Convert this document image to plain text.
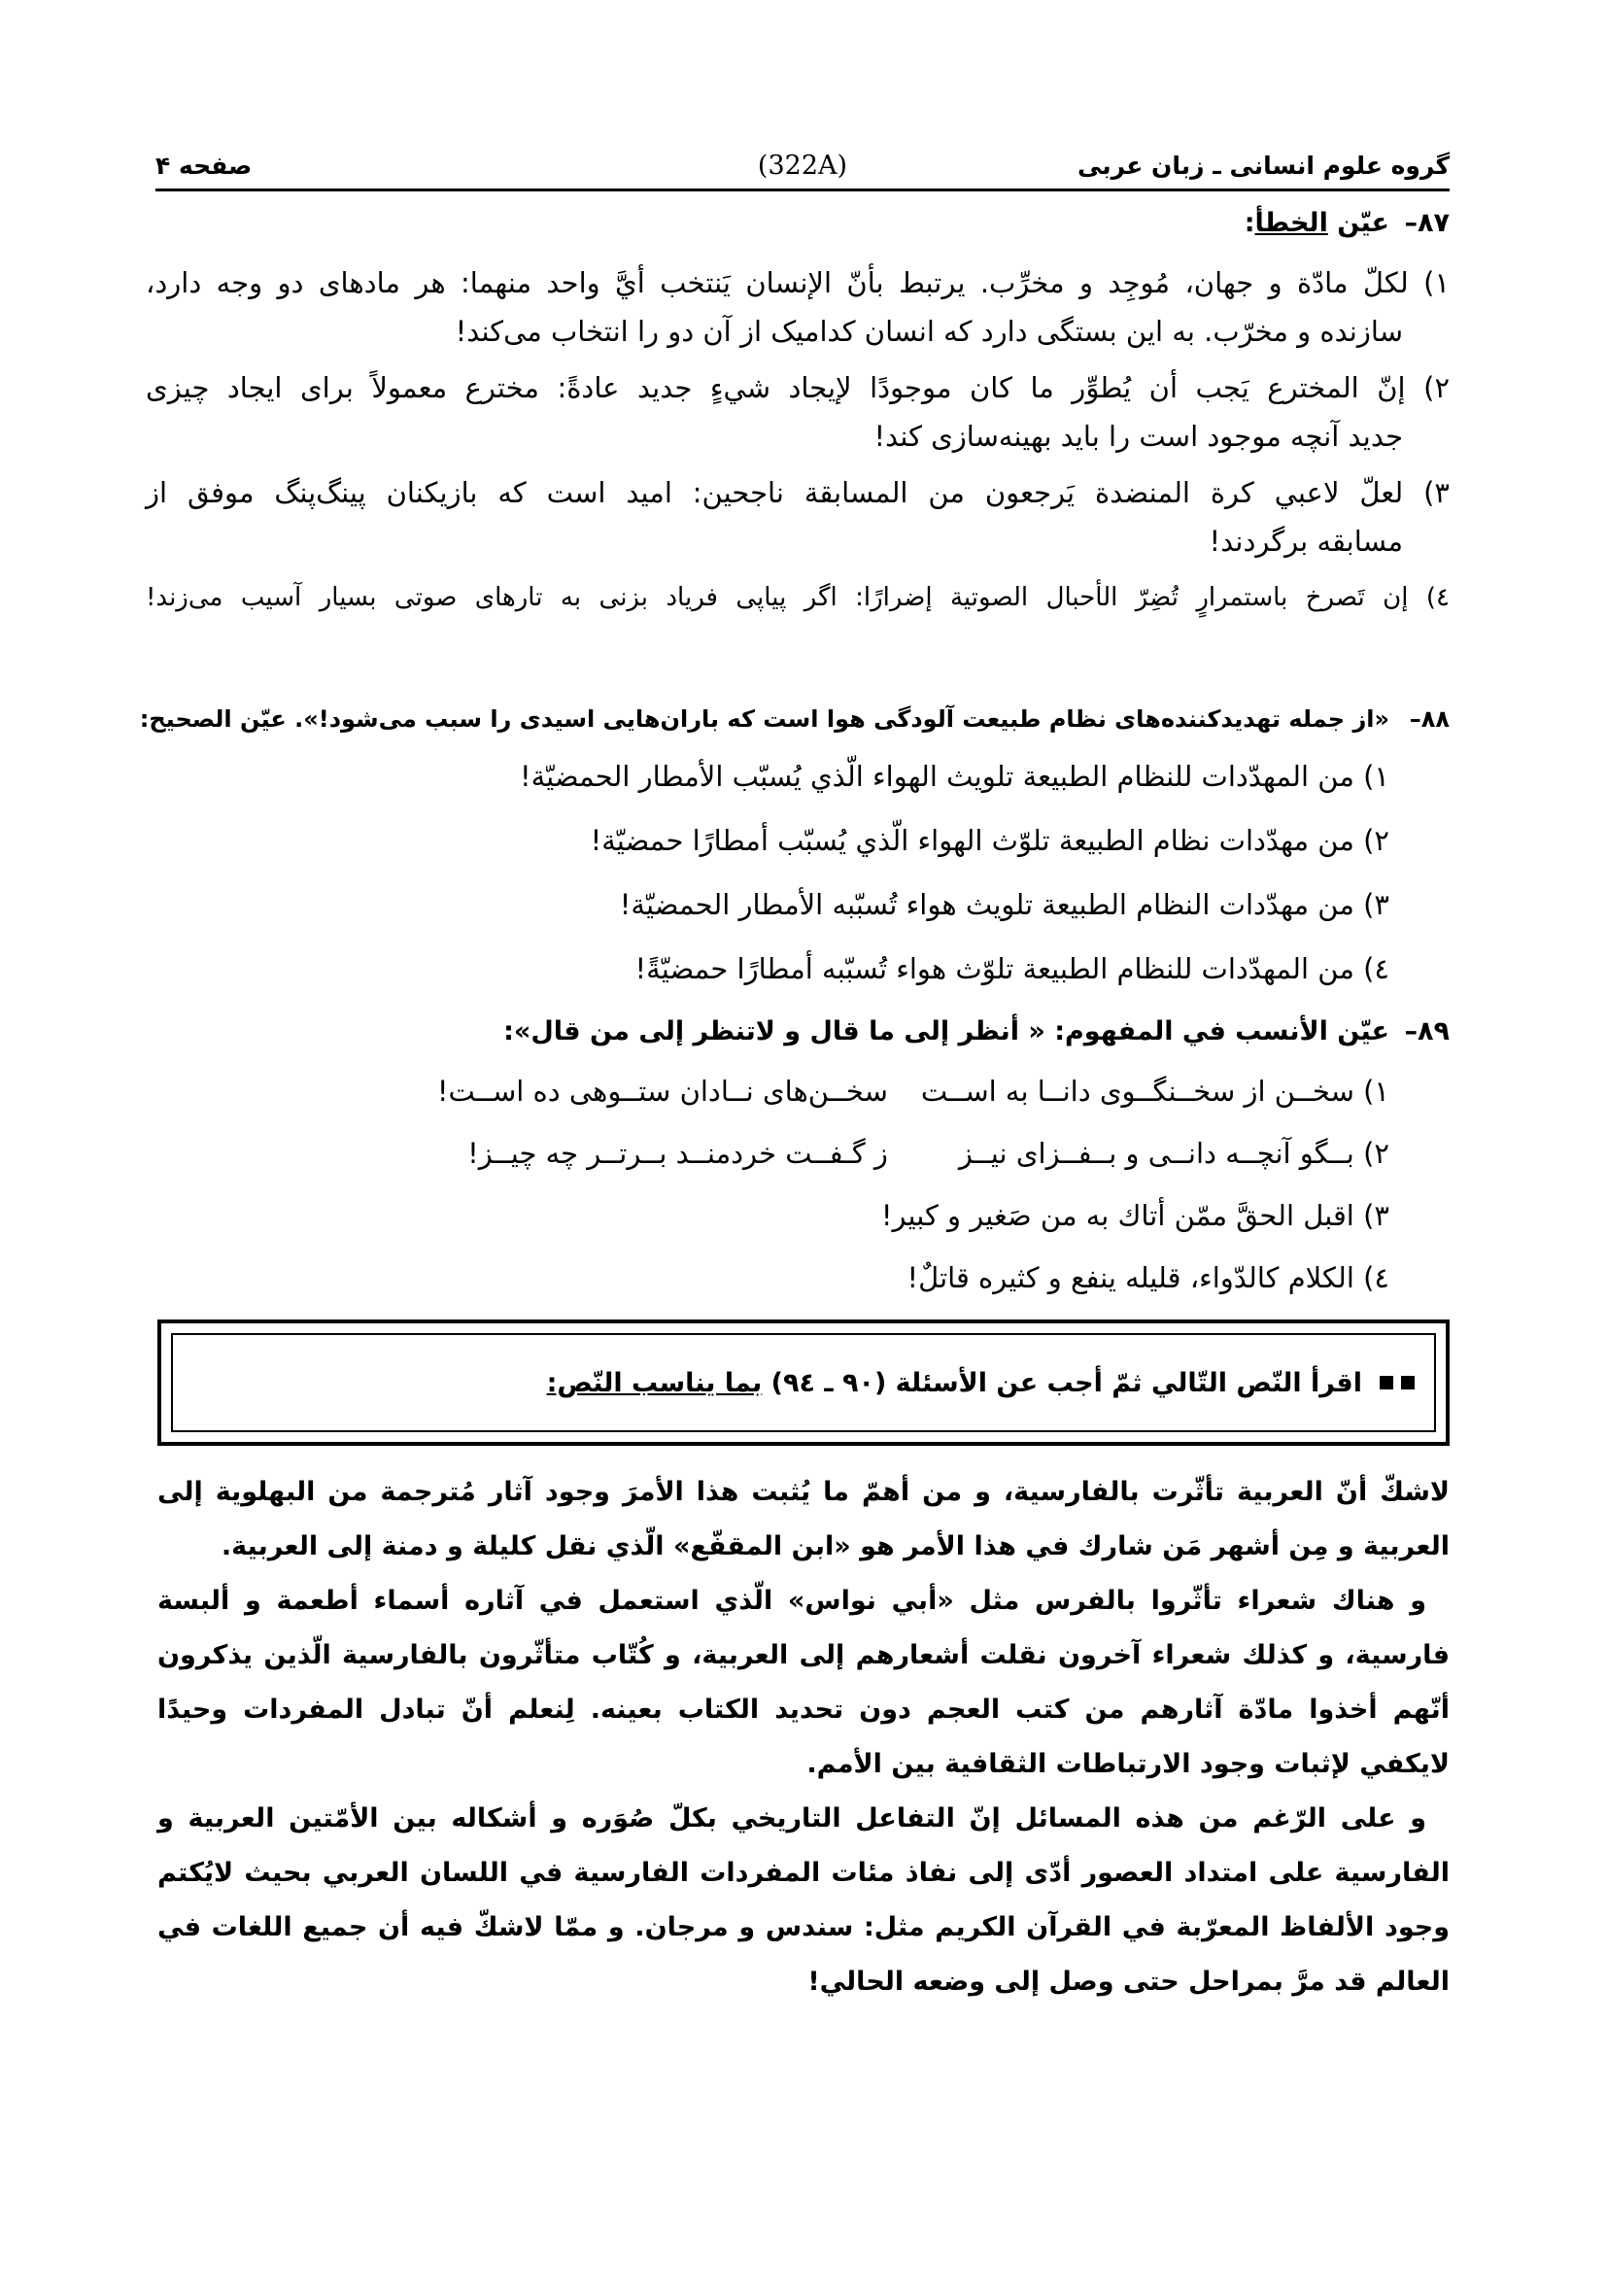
گروه علوم انسانی ـ زبان عربی
(322A)
صفحه ۴
۸۷–عیّن الخطأ:
۱) لکلّ مادّة و جهان، مُوجِد و مخرِّب. یرتبط بأنّ الإنسان یَنتخب أيَّ واحد منهما: هر مادهای دو وجه دارد،
سازنده و مخرّب. به این بستگی دارد که انسان کدامیک از آن دو را انتخاب می‌کند!
۲) إنّ المخترع یَجب أن یُطوِّر ما کان موجودًا لإیجاد شيءٍ جدید عادةً: مخترع معمولاً برای ایجاد چیزی
جدید آنچه موجود است را باید بهینه‌سازی کند!
۳) لعلّ لاعبي کرة المنضدة یَرجعون من المسابقة ناجحین: امید است که بازیکنان پینگ‌پنگ موفق از
مسابقه برگردند!
٤) إن تَصرخ باستمرارٍ تُضِرّ الأحبال الصوتیة إضرارًا: اگر پیاپی فریاد بزنی به تارهای صوتی بسیار آسیب می‌زند!
۸۸–«از جمله تهدیدکننده‌های نظام طبیعت آلودگی هوا است که باران‌هایی اسیدی را سبب می‌شود!». عیّن الصحیح:
۱) من المهدّدات للنظام الطبیعة تلویث الهواء الّذي یُسبّب الأمطار الحمضیّة!
۲) من مهدّدات نظام الطبیعة تلوّث الهواء الّذي یُسبّب أمطارًا حمضیّة!
۳) من مهدّدات النظام الطبیعة تلویث هواء تُسبّبه الأمطار الحمضیّة!
٤) من المهدّدات للنظام الطبیعة تلوّث هواء تُسبّبه أمطارًا حمضیّةً!
۸۹–عیّن الأنسب في المفهوم: « أنظر إلی ما قال و لاتنظر إلی من قال»:
۱) سخــن از سخــنگــوی دانــا به اســتسخــن‌های نــادان ستــوهی ده اســت!
۲) بــگو آنچــه دانــی و بــفــزای نیــزز گـفــت خردمنــد بــرتــر چه چیــز!
۳) اقبل الحقَّ ممّن أتاك به من صَغیر و کبیر!
٤) الکلام کالدّواء، قلیله ینفع و کثیره قاتلٌ!
اقرأ النّص التّالي ثمّ أجب عن الأسئلة (۹۰ ـ ۹٤) بما یناسب النّص:

لاشكّ أنّ العربیة تأثّرت بالفارسیة، و من أهمّ ما یُثبت هذا الأمرَ وجود آثار مُترجمة من البهلویة إلی العربیة و مِن أشهر مَن شارك في هذا الأمر هو «ابن المقفّع» الّذي نقل کلیلة و دمنة إلی العربیة.

و هناك شعراء تأثّروا بالفرس مثل «أبي نواس» الّذي استعمل في آثاره أسماء أطعمة و ألبسة فارسیة، و کذلك شعراء آخرون نقلت أشعارهم إلی العربیة، و کُتّاب متأثّرون بالفارسیة الّذین یذکرون أنّهم أخذوا مادّة آثارهم من کتب العجم دون تحدید الکتاب بعینه. لِنعلم أنّ تبادل المفردات وحیدًا لایکفي لإثبات وجود الارتباطات الثقافیة بین الأمم.

و علی الرّغم من هذه المسائل إنّ التفاعل التاریخي بکلّ صُوَره و أشکاله بین الأمّتین العربیة و الفارسیة علی امتداد العصور أدّی إلی نفاذ مئات المفردات الفارسیة في اللسان العربي بحیث لایُکتم وجود الألفاظ المعرّبة في القرآن الکریم مثل: سندس و مرجان. و ممّا لاشكّ فیه أن جمیع اللغات في العالم قد مرَّ بمراحل حتی وصل إلی وضعه الحالي!
